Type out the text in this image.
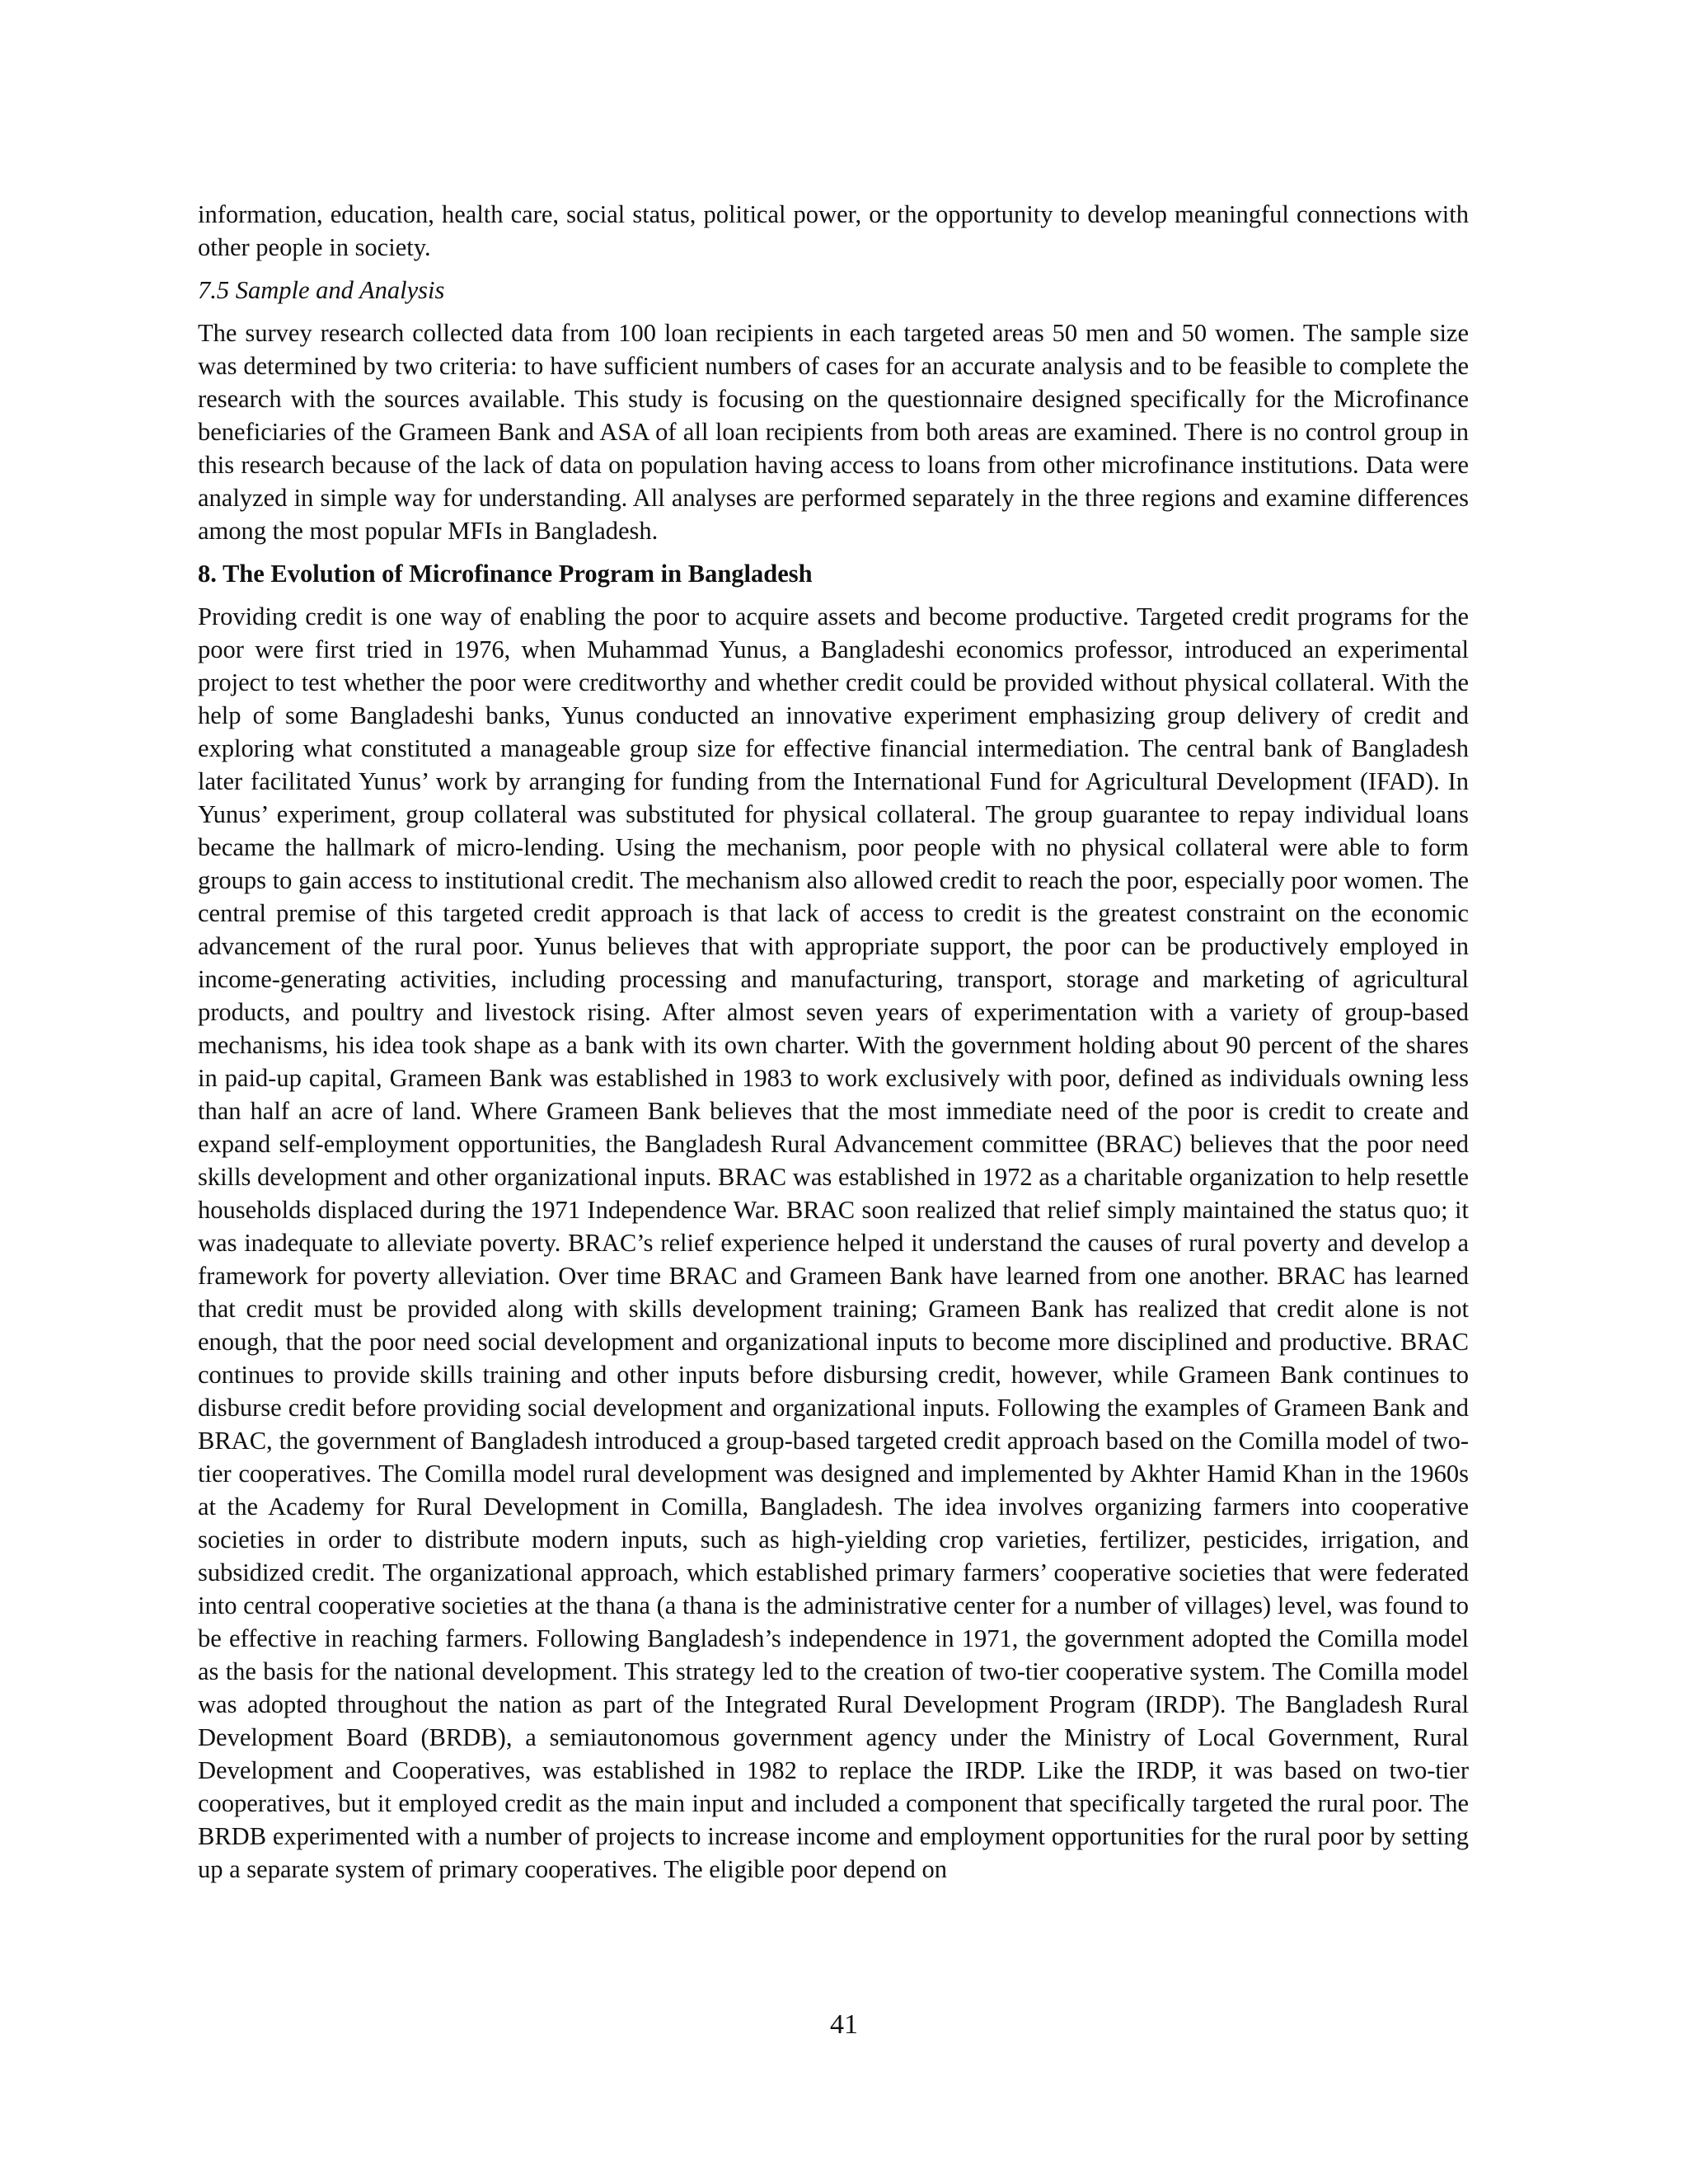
information, education, health care, social status, political power, or the opportunity to develop meaningful connections with other people in society.

7.5 Sample and Analysis

The survey research collected data from 100 loan recipients in each targeted areas 50 men and 50 women. The sample size was determined by two criteria: to have sufficient numbers of cases for an accurate analysis and to be feasible to complete the research with the sources available. This study is focusing on the questionnaire designed specifically for the Microfinance beneficiaries of the Grameen Bank and ASA of all loan recipients from both areas are examined. There is no control group in this research because of the lack of data on population having access to loans from other microfinance institutions. Data were analyzed in simple way for understanding. All analyses are performed separately in the three regions and examine differences among the most popular MFIs in Bangladesh.

8. The Evolution of Microfinance Program in Bangladesh

Providing credit is one way of enabling the poor to acquire assets and become productive. Targeted credit programs for the poor were first tried in 1976, when Muhammad Yunus, a Bangladeshi economics professor, introduced an experimental project to test whether the poor were creditworthy and whether credit could be provided without physical collateral. With the help of some Bangladeshi banks, Yunus conducted an innovative experiment emphasizing group delivery of credit and exploring what constituted a manageable group size for effective financial intermediation. The central bank of Bangladesh later facilitated Yunus’ work by arranging for funding from the International Fund for Agricultural Development (IFAD). In Yunus’ experiment, group collateral was substituted for physical collateral. The group guarantee to repay individual loans became the hallmark of micro-lending. Using the mechanism, poor people with no physical collateral were able to form groups to gain access to institutional credit. The mechanism also allowed credit to reach the poor, especially poor women. The central premise of this targeted credit approach is that lack of access to credit is the greatest constraint on the economic advancement of the rural poor. Yunus believes that with appropriate support, the poor can be productively employed in income-generating activities, including processing and manufacturing, transport, storage and marketing of agricultural products, and poultry and livestock rising. After almost seven years of experimentation with a variety of group-based mechanisms, his idea took shape as a bank with its own charter. With the government holding about 90 percent of the shares in paid-up capital, Grameen Bank was established in 1983 to work exclusively with poor, defined as individuals owning less than half an acre of land. Where Grameen Bank believes that the most immediate need of the poor is credit to create and expand self-employment opportunities, the Bangladesh Rural Advancement committee (BRAC) believes that the poor need skills development and other organizational inputs. BRAC was established in 1972 as a charitable organization to help resettle households displaced during the 1971 Independence War. BRAC soon realized that relief simply maintained the status quo; it was inadequate to alleviate poverty. BRAC’s relief experience helped it understand the causes of rural poverty and develop a framework for poverty alleviation. Over time BRAC and Grameen Bank have learned from one another. BRAC has learned that credit must be provided along with skills development training; Grameen Bank has realized that credit alone is not enough, that the poor need social development and organizational inputs to become more disciplined and productive. BRAC continues to provide skills training and other inputs before disbursing credit, however, while Grameen Bank continues to disburse credit before providing social development and organizational inputs. Following the examples of Grameen Bank and BRAC, the government of Bangladesh introduced a group-based targeted credit approach based on the Comilla model of two-tier cooperatives. The Comilla model rural development was designed and implemented by Akhter Hamid Khan in the 1960s at the Academy for Rural Development in Comilla, Bangladesh. The idea involves organizing farmers into cooperative societies in order to distribute modern inputs, such as high-yielding crop varieties, fertilizer, pesticides, irrigation, and subsidized credit. The organizational approach, which established primary farmers’ cooperative societies that were federated into central cooperative societies at the thana (a thana is the administrative center for a number of villages) level, was found to be effective in reaching farmers. Following Bangladesh’s independence in 1971, the government adopted the Comilla model as the basis for the national development. This strategy led to the creation of two-tier cooperative system. The Comilla model was adopted throughout the nation as part of the Integrated Rural Development Program (IRDP). The Bangladesh Rural Development Board (BRDB), a semiautonomous government agency under the Ministry of Local Government, Rural Development and Cooperatives, was established in 1982 to replace the IRDP. Like the IRDP, it was based on two-tier cooperatives, but it employed credit as the main input and included a component that specifically targeted the rural poor. The BRDB experimented with a number of projects to increase income and employment opportunities for the rural poor by setting up a separate system of primary cooperatives. The eligible poor depend on

41
